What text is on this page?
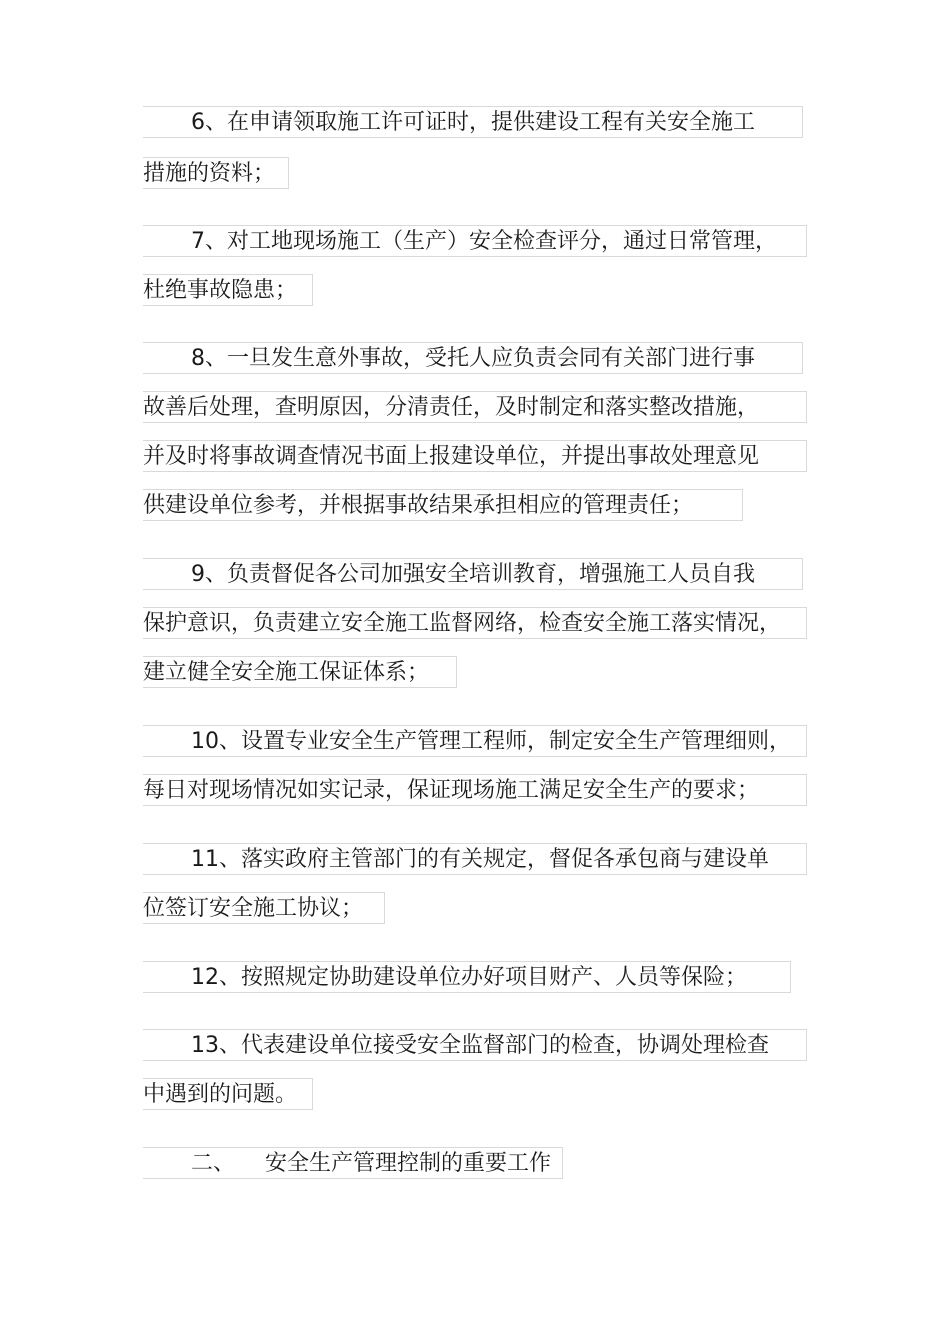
6、在申请领取施工许可证时，提供建设工程有关安全施工
措施的资料；
7、对工地现场施工（生产）安全检查评分，通过日常管理，
杜绝事故隐患；
8、一旦发生意外事故，受托人应负责会同有关部门进行事
故善后处理，查明原因，分清责任，及时制定和落实整改措施，
并及时将事故调查情况书面上报建设单位，并提出事故处理意见
供建设单位参考，并根据事故结果承担相应的管理责任；
9、负责督促各公司加强安全培训教育，增强施工人员自我
保护意识，负责建立安全施工监督网络，检查安全施工落实情况，
建立健全安全施工保证体系；
10、设置专业安全生产管理工程师，制定安全生产管理细则，
每日对现场情况如实记录，保证现场施工满足安全生产的要求；
11、落实政府主管部门的有关规定，督促各承包商与建设单
位签订安全施工协议；
12、按照规定协助建设单位办好项目财产、人员等保险；
13、代表建设单位接受安全监督部门的检查，协调处理检查
中遇到的问题。
二、 安全生产管理控制的重要工作
